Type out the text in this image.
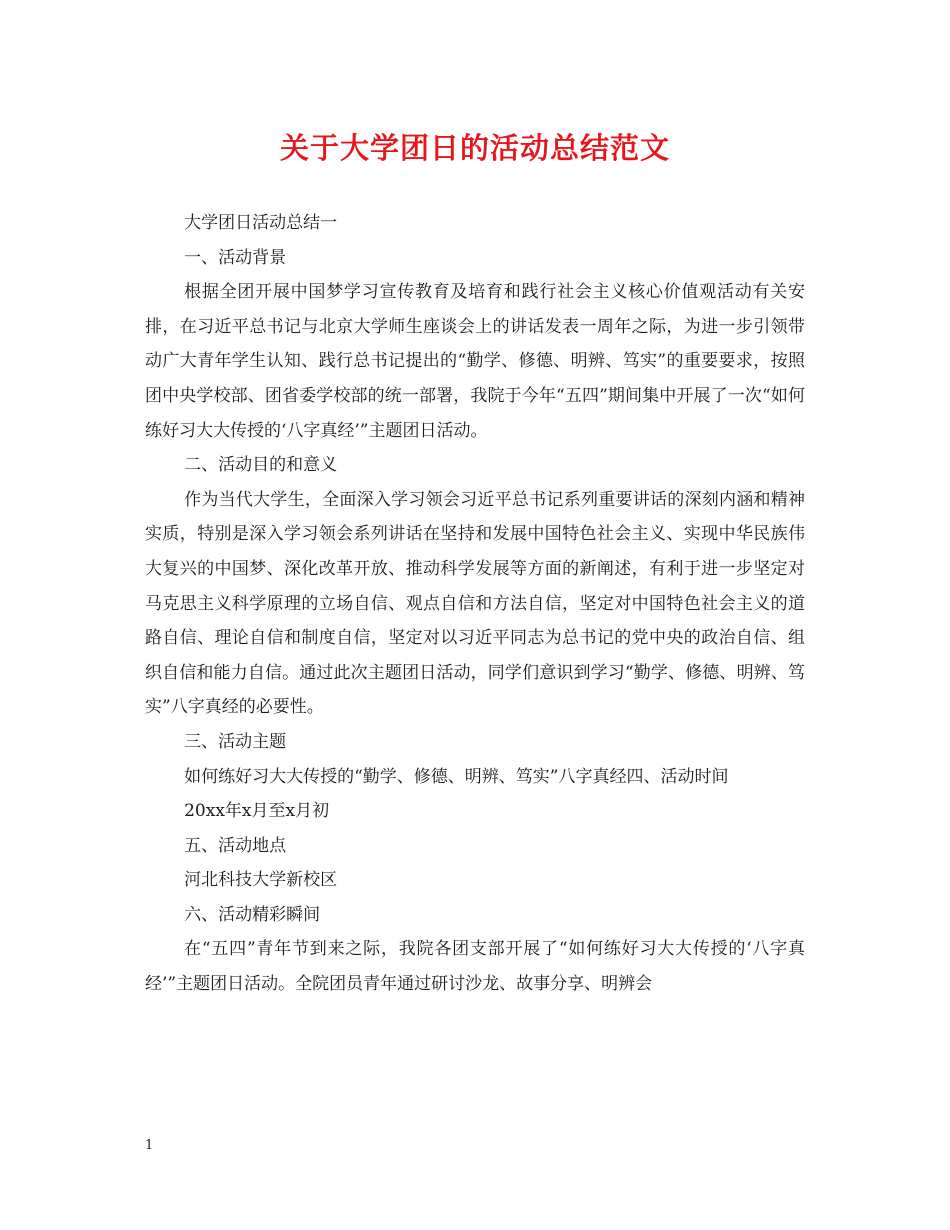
关于大学团日的活动总结范文

大学团日活动总结一

一、活动背景

根据全团开展中国梦学习宣传教育及培育和践行社会主义核心价值观活动有关安排，在习近平总书记与北京大学师生座谈会上的讲话发表一周年之际，为进一步引领带动广大青年学生认知、践行总书记提出的“勤学、修德、明辨、笃实”的重要要求，按照团中央学校部、团省委学校部的统一部署，我院于今年“五四”期间集中开展了一次“如何练好习大大传授的‘八字真经’”主题团日活动。

二、活动目的和意义

作为当代大学生，全面深入学习领会习近平总书记系列重要讲话的深刻内涵和精神实质，特别是深入学习领会系列讲话在坚持和发展中国特色社会主义、实现中华民族伟大复兴的中国梦、深化改革开放、推动科学发展等方面的新阐述，有利于进一步坚定对马克思主义科学原理的立场自信、观点自信和方法自信，坚定对中国特色社会主义的道路自信、理论自信和制度自信，坚定对以习近平同志为总书记的党中央的政治自信、组织自信和能力自信。通过此次主题团日活动，同学们意识到学习“勤学、修德、明辨、笃实”八字真经的必要性。

三、活动主题

如何练好习大大传授的“勤学、修德、明辨、笃实”八字真经四、活动时间

20xx年x月至x月初

五、活动地点

河北科技大学新校区

六、活动精彩瞬间

在“五四”青年节到来之际，我院各团支部开展了“如何练好习大大传授的‘八字真经’”主题团日活动。全院团员青年通过研讨沙龙、故事分享、明辨会

1
